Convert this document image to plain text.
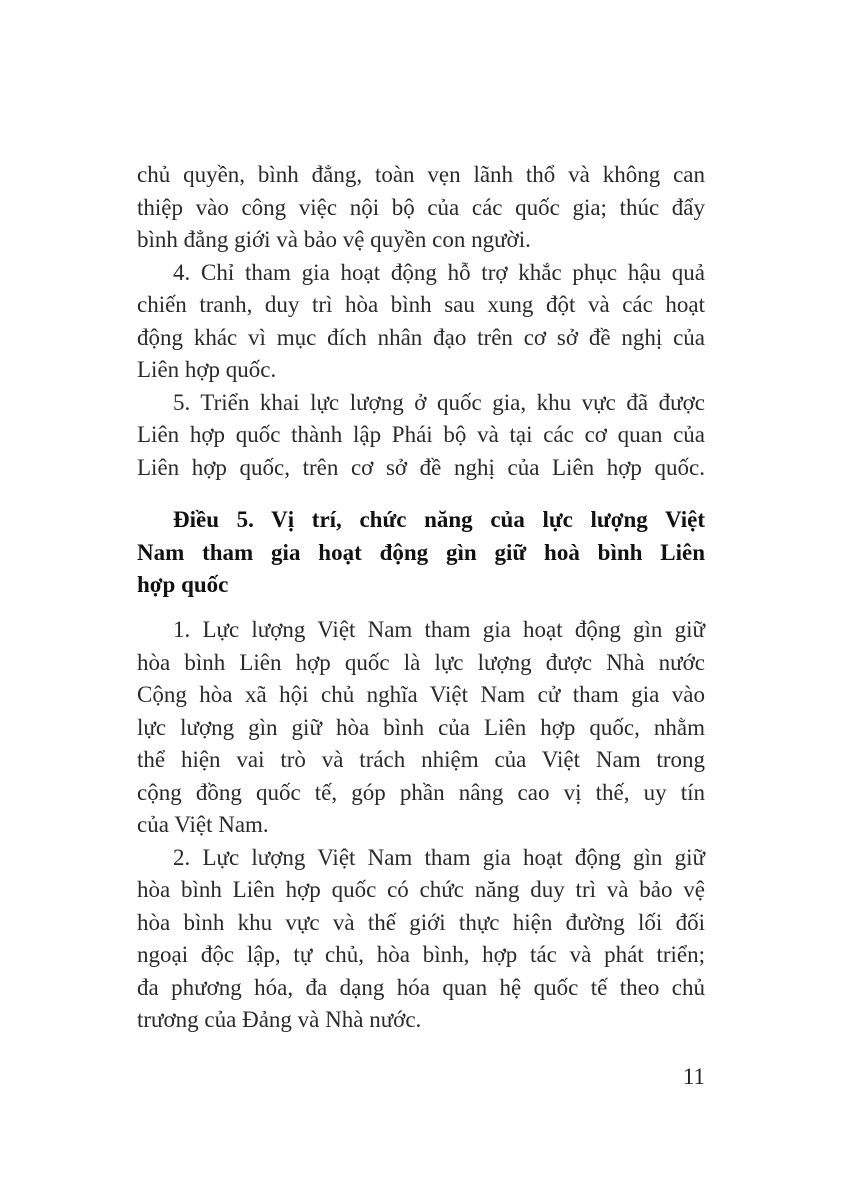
chủ quyền, bình đẳng, toàn vẹn lãnh thổ và không can
thiệp vào công việc nội bộ của các quốc gia; thúc đẩy
bình đẳng giới và bảo vệ quyền con người.
4. Chỉ tham gia hoạt động hỗ trợ khắc phục hậu quả
chiến tranh, duy trì hòa bình sau xung đột và các hoạt
động khác vì mục đích nhân đạo trên cơ sở đề nghị của
Liên hợp quốc.
5. Triển khai lực lượng ở quốc gia, khu vực đã được
Liên hợp quốc thành lập Phái bộ và tại các cơ quan của
Liên hợp quốc, trên cơ sở đề nghị của Liên hợp quốc.
Điều 5. Vị trí, chức năng của lực lượng Việt
Nam tham gia hoạt động gìn giữ hoà bình Liên
hợp quốc
1. Lực lượng Việt Nam tham gia hoạt động gìn giữ
hòa bình Liên hợp quốc là lực lượng được Nhà nước
Cộng hòa xã hội chủ nghĩa Việt Nam cử tham gia vào
lực lượng gìn giữ hòa bình của Liên hợp quốc, nhằm
thể hiện vai trò và trách nhiệm của Việt Nam trong
cộng đồng quốc tế, góp phần nâng cao vị thế, uy tín
của Việt Nam.
2. Lực lượng Việt Nam tham gia hoạt động gìn giữ
hòa bình Liên hợp quốc có chức năng duy trì và bảo vệ
hòa bình khu vực và thế giới thực hiện đường lối đối
ngoại độc lập, tự chủ, hòa bình, hợp tác và phát triển;
đa phương hóa, đa dạng hóa quan hệ quốc tế theo chủ
trương của Đảng và Nhà nước.
11
